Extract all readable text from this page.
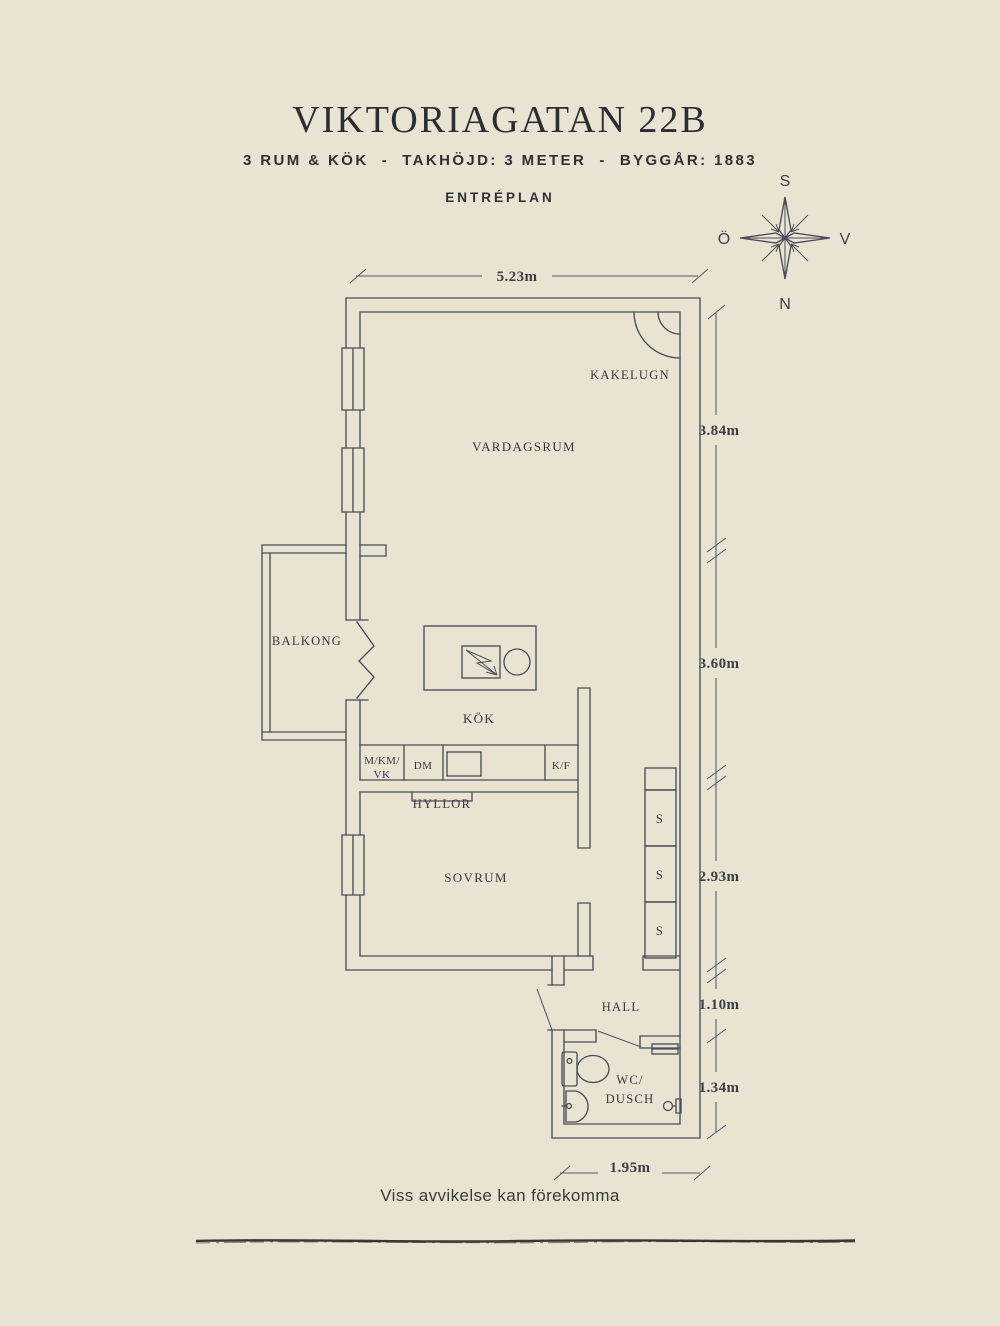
VIKTORIAGATAN 22B
3 RUM & KÖK  -  TAKHÖJD: 3 METER  -  BYGGÅR: 1883
ENTRÉPLAN
S
V
N
Ö
VARDAGSRUM
KAKELUGN
BALKONG
KÖK
SOVRUM
HALL
WC/
DUSCH
HYLLOR
M/KM/
VK
DM	K/F
S
S
S
5.23m
3.84m
3.60m
2.93m
1.10m
1.34m
1.95m
Viss avvikelse kan förekomma
